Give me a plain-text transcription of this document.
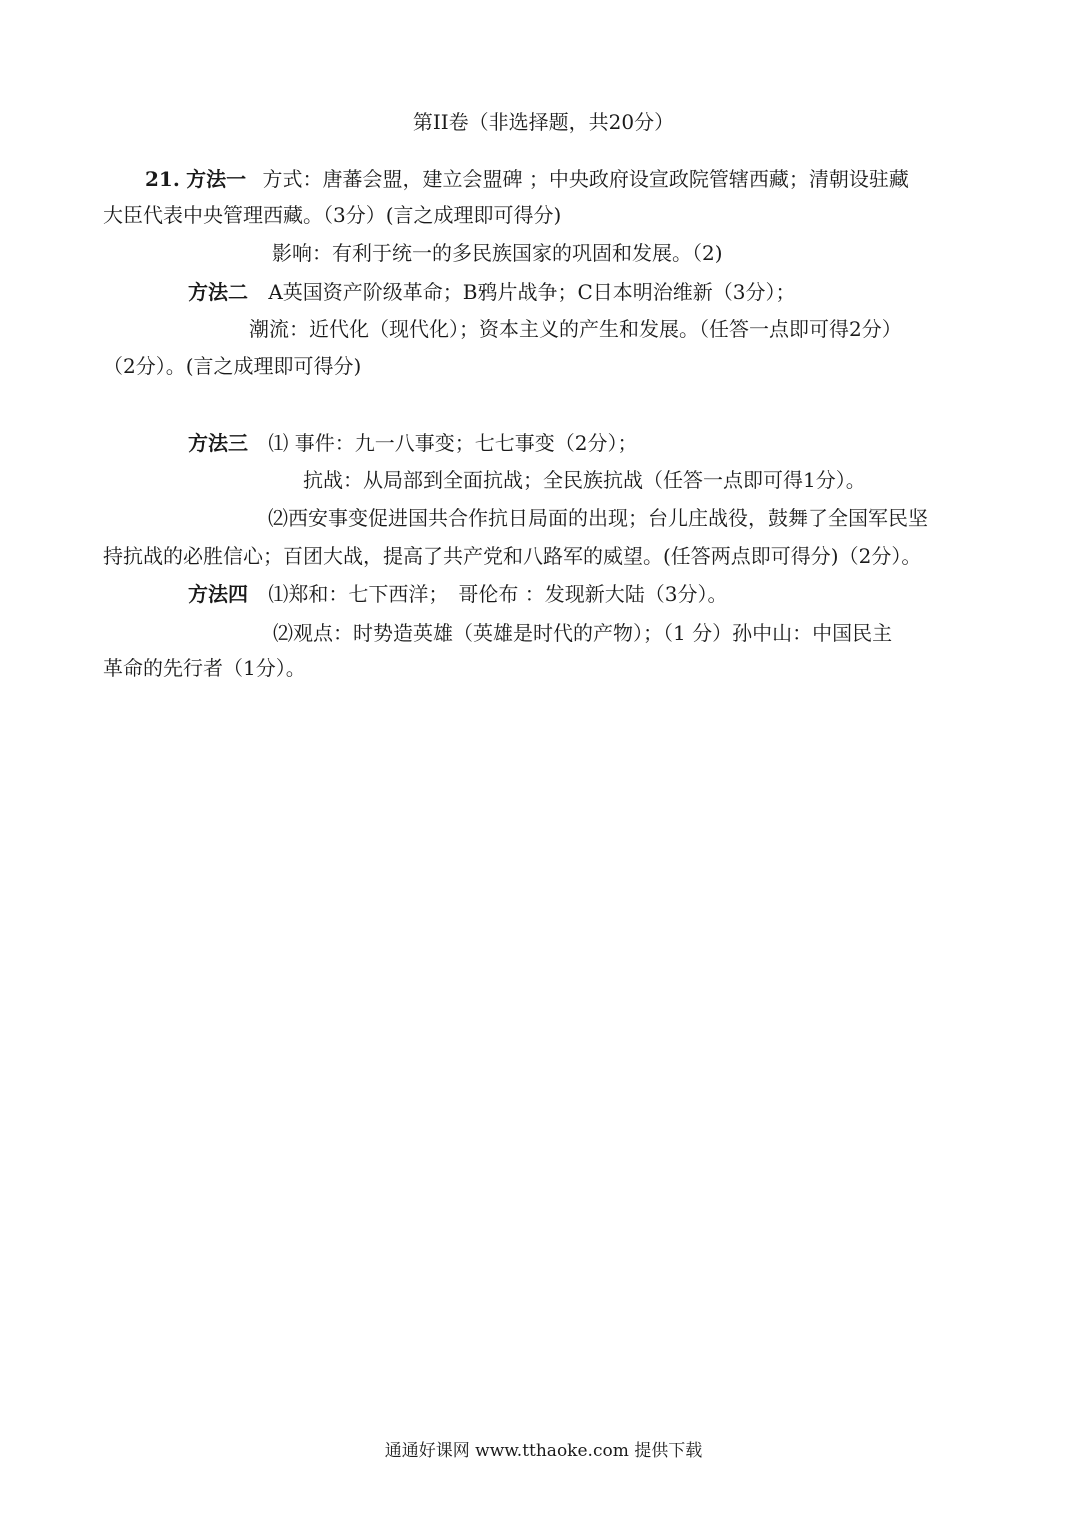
第II卷（非选择题，共20分）
21. 方法一 方式：唐蕃会盟，建立会盟碑 ；中央政府设宣政院管辖西藏；清朝设驻藏
大臣代表中央管理西藏。（3分）(言之成理即可得分)
影响：有利于统一的多民族国家的巩固和发展。（2)
方法二 A英国资产阶级革命；B鸦片战争；C日本明治维新（3分）；
潮流：近代化（现代化）；资本主义的产生和发展。（任答一点即可得2分）
（2分）。(言之成理即可得分)
方法三 ⑴ 事件：九一八事变；七七事变（2分）；
抗战：从局部到全面抗战；全民族抗战（任答一点即可得1分）。
⑵西安事变促进国共合作抗日局面的出现；台儿庄战役，鼓舞了全国军民坚
持抗战的必胜信心；百团大战，提高了共产党和八路军的威望。(任答两点即可得分)（2分）。
方法四 ⑴郑和：七下西洋；　哥伦布 ：发现新大陆（3分）。
⑵观点：时势造英雄（英雄是时代的产物）；（1 分）孙中山：中国民主
革命的先行者（1分）。
通通好课网 www.tthaoke.com 提供下载
